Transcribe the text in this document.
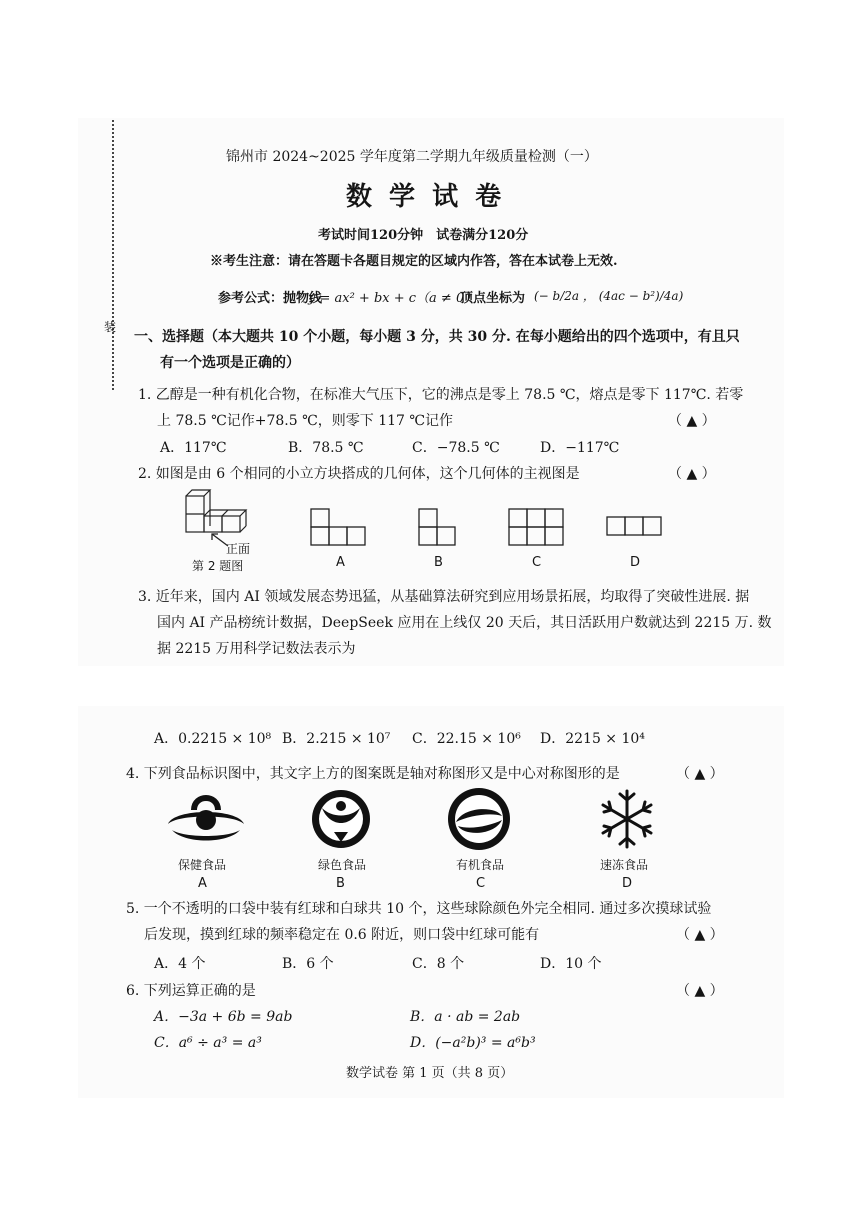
装
锦州市 2024~2025 学年度第二学期九年级质量检测（一）
数 学 试 卷
考试时间120分钟　试卷满分120分
※考生注意：请在答题卡各题目规定的区域内作答，答在本试卷上无效.
参考公式：抛物线
y = ax² + bx + c（a ≠ 0）
顶点坐标为 (− b/2a ， (4ac − b²)/4a)
一、选择题（本大题共 10 个小题，每小题 3 分，共 30 分. 在每小题给出的四个选项中，有且只
有一个选项是正确的）
1. 乙醇是一种有机化合物，在标准大气压下，它的沸点是零上 78.5 ℃，熔点是零下 117℃. 若零
上 78.5 ℃记作+78.5 ℃，则零下 117 ℃记作	（ ▲ ）
A．117℃	B．78.5 ℃	C．−78.5 ℃	D．−117℃
2. 如图是由 6 个相同的小立方块搭成的几何体，这个几何体的主视图是	（ ▲ ）
正面
第 2 题图	A	B	C	D
3. 近年来，国内 AI 领域发展态势迅猛，从基础算法研究到应用场景拓展，均取得了突破性进展. 据
国内 AI 产品榜统计数据，DeepSeek 应用在上线仅 20 天后，其日活跃用户数就达到 2215 万. 数
据 2215 万用科学记数法表示为
A．0.2215 × 10⁸ B．2.215 × 10⁷ C．22.15 × 10⁶ D．2215 × 10⁴
4. 下列食品标识图中，其文字上方的图案既是轴对称图形又是中心对称图形的是	（ ▲ ）
保健食品
A
绿色食品
B
有机食品
C
速冻食品
D
5. 一个不透明的口袋中装有红球和白球共 10 个，这些球除颜色外完全相同. 通过多次摸球试验
后发现，摸到红球的频率稳定在 0.6 附近，则口袋中红球可能有	（ ▲ ）
A．4 个	B．6 个	C．8 个	D．10 个
6. 下列运算正确的是	（ ▲ ）
A．−3a + 6b = 9ab	B．a · ab = 2ab
C．a⁶ ÷ a³ = a³	D．(−a²b)³ = a⁶b³
数学试卷 第 1 页（共 8 页）
